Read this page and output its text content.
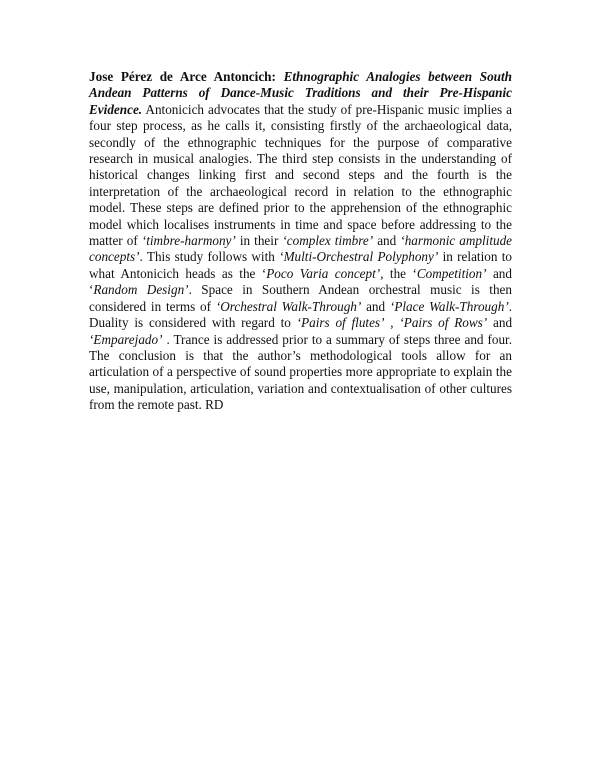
Jose Pérez de Arce Antoncich: Ethnographic Analogies between South Andean Patterns of Dance-Music Traditions and their Pre-Hispanic Evidence. Antonicich advocates that the study of pre-Hispanic music implies a four step process, as he calls it, consisting firstly of the archaeological data, secondly of the ethnographic techniques for the purpose of comparative research in musical analogies. The third step consists in the understanding of historical changes linking first and second steps and the fourth is the interpretation of the archaeological record in relation to the ethnographic model. These steps are defined prior to the apprehension of the ethnographic model which localises instruments in time and space before addressing to the matter of ‘timbre-harmony’ in their ‘complex timbre’ and ‘harmonic amplitude concepts’. This study follows with ‘Multi-Orchestral Polyphony’ in relation to what Antonicich heads as the ‘Poco Varia concept’, the ‘Competition’ and ‘Random Design’. Space in Southern Andean orchestral music is then considered in terms of ‘Orchestral Walk-Through’ and ‘Place Walk-Through’. Duality is considered with regard to ‘Pairs of flutes’ , ‘Pairs of Rows’ and ‘Emparejado’ . Trance is addressed prior to a summary of steps three and four. The conclusion is that the author’s methodological tools allow for an articulation of a perspective of sound properties more appropriate to explain the use, manipulation, articulation, variation and contextualisation of other cultures from the remote past. RD
